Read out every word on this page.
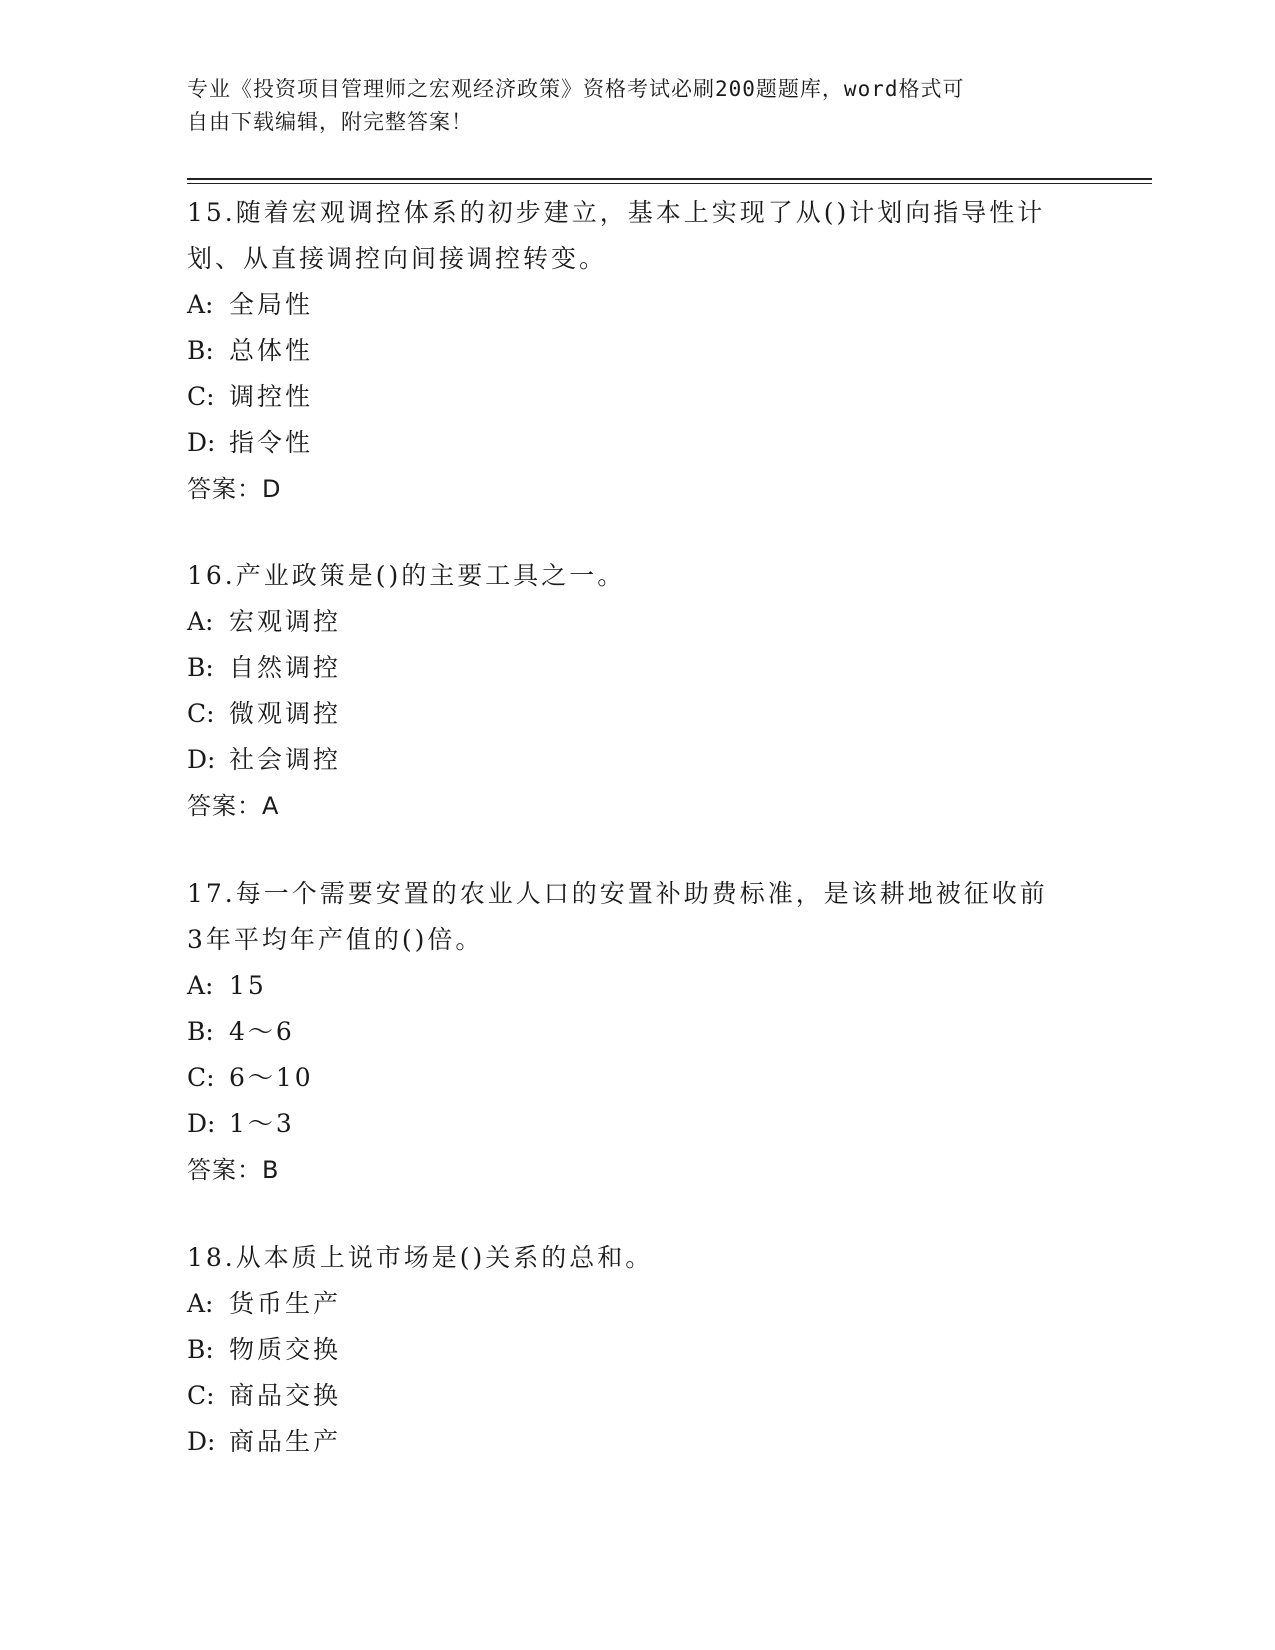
专业《投资项目管理师之宏观经济政策》资格考试必刷200题题库，word格式可
自由下载编辑，附完整答案！
15.随着宏观调控体系的初步建立，基本上实现了从()计划向指导性计
划、从直接调控向间接调控转变。
A: 全局性
B: 总体性
C: 调控性
D: 指令性
答案：D
16.产业政策是()的主要工具之一。
A: 宏观调控
B: 自然调控
C: 微观调控
D: 社会调控
答案：A
17.每一个需要安置的农业人口的安置补助费标准，是该耕地被征收前
3年平均年产值的()倍。
A: 15
B: 4～6
C: 6～10
D: 1～3
答案：B
18.从本质上说市场是()关系的总和。
A: 货币生产
B: 物质交换
C: 商品交换
D: 商品生产
